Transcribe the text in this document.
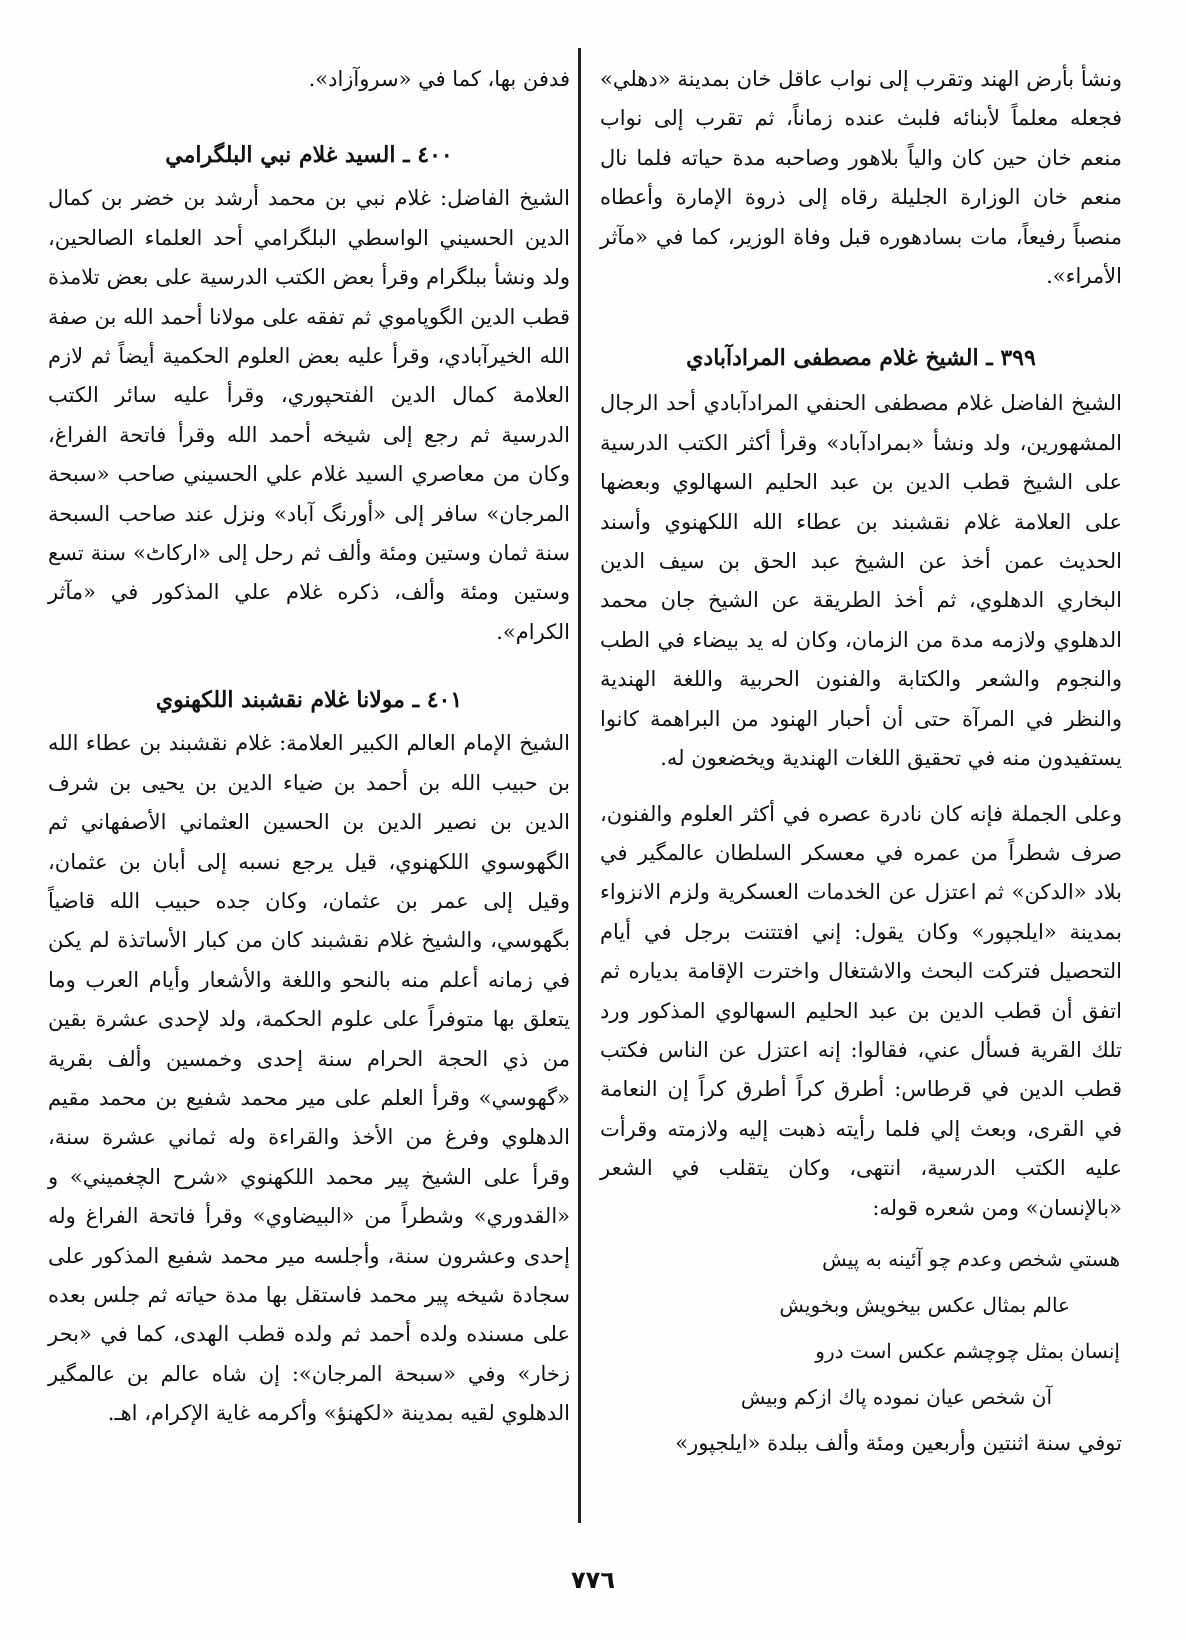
ونشأ بأرض الهند وتقرب إلى نواب عاقل خان بمدينة «دهلي» فجعله معلماً لأبنائه فلبث عنده زماناً، ثم تقرب إلى نواب منعم خان حين كان والياً بلاهور وصاحبه مدة حياته فلما نال منعم خان الوزارة الجليلة رقاه إلى ذروة الإمارة وأعطاه منصباً رفيعاً، مات بسادهوره قبل وفاة الوزير، كما في «مآثر الأمراء».

٣٩٩ ـ الشيخ غلام مصطفى المرادآبادي

الشيخ الفاضل غلام مصطفى الحنفي المرادآبادي أحد الرجال المشهورين، ولد ونشأ «بمرادآباد» وقرأ أكثر الكتب الدرسية على الشيخ قطب الدين بن عبد الحليم السهالوي وبعضها على العلامة غلام نقشبند بن عطاء الله اللكهنوي وأسند الحديث عمن أخذ عن الشيخ عبد الحق بن سيف الدين البخاري الدهلوي، ثم أخذ الطريقة عن الشيخ جان محمد الدهلوي ولازمه مدة من الزمان، وكان له يد بيضاء في الطب والنجوم والشعر والكتابة والفنون الحربية واللغة الهندية والنظر في المرآة حتى أن أحبار الهنود من البراهمة كانوا يستفيدون منه في تحقيق اللغات الهندية ويخضعون له.

وعلى الجملة فإنه كان نادرة عصره في أكثر العلوم والفنون، صرف شطراً من عمره في معسكر السلطان عالمگير في بلاد «الدكن» ثم اعتزل عن الخدمات العسكرية ولزم الانزواء بمدينة «ايلجپور» وكان يقول: إني افتتنت برجل في أيام التحصيل فتركت البحث والاشتغال واخترت الإقامة بدياره ثم اتفق أن قطب الدين بن عبد الحليم السهالوي المذكور ورد تلك القرية فسأل عني، فقالوا: إنه اعتزل عن الناس فكتب قطب الدين في قرطاس: أطرق كراً أطرق كراً إن النعامة في القرى، وبعث إلي فلما رأيته ذهبت إليه ولازمته وقرأت عليه الكتب الدرسية، انتهى، وكان يتقلب في الشعر «بالإنسان» ومن شعره قوله:

هستي شخص وعدم چو آئينه به پيش

عالم بمثال عكس بيخويش وبخويش

إنسان بمثل چوچشم عكس است درو

آن شخص عيان نموده پاك ازكم وبيش

توفي سنة اثنتين وأربعين ومئة وألف ببلدة «ايلجپور»

فدفن بها، كما في «سروآزاد».

٤٠٠ ـ السيد غلام نبي البلگرامي

الشيخ الفاضل: غلام نبي بن محمد أرشد بن خضر بن كمال الدين الحسيني الواسطي البلگرامي أحد العلماء الصالحين، ولد ونشأ ببلگرام وقرأ بعض الكتب الدرسية على بعض تلامذة قطب الدين الگوپاموي ثم تفقه على مولانا أحمد الله بن صفة الله الخيرآبادي، وقرأ عليه بعض العلوم الحكمية أيضاً ثم لازم العلامة كمال الدين الفتحپوري، وقرأ عليه سائر الكتب الدرسية ثم رجع إلى شيخه أحمد الله وقرأ فاتحة الفراغ، وكان من معاصري السيد غلام علي الحسيني صاحب «سبحة المرجان» سافر إلى «أورنگ آباد» ونزل عند صاحب السبحة سنة ثمان وستين ومئة وألف ثم رحل إلى «اركاٹ» سنة تسع وستين ومئة وألف، ذكره غلام علي المذكور في «مآثر الكرام».

٤٠١ ـ مولانا غلام نقشبند اللكهنوي

الشيخ الإمام العالم الكبير العلامة: غلام نقشبند بن عطاء الله بن حبيب الله بن أحمد بن ضياء الدين بن يحيى بن شرف الدين بن نصير الدين بن الحسين العثماني الأصفهاني ثم الگهوسوي اللكهنوي، قيل يرجع نسبه إلى أبان بن عثمان، وقيل إلى عمر بن عثمان، وكان جده حبيب الله قاضياً بگهوسي، والشيخ غلام نقشبند كان من كبار الأساتذة لم يكن في زمانه أعلم منه بالنحو واللغة والأشعار وأيام العرب وما يتعلق بها متوفراً على علوم الحكمة، ولد لإحدى عشرة بقين من ذي الحجة الحرام سنة إحدى وخمسين وألف بقرية «گهوسي» وقرأ العلم على مير محمد شفيع بن محمد مقيم الدهلوي وفرغ من الأخذ والقراءة وله ثماني عشرة سنة، وقرأ على الشيخ پير محمد اللكهنوي «شرح الچغميني» و «القدوري» وشطراً من «البيضاوي» وقرأ فاتحة الفراغ وله إحدى وعشرون سنة، وأجلسه مير محمد شفيع المذكور على سجادة شيخه پير محمد فاستقل بها مدة حياته ثم جلس بعده على مسنده ولده أحمد ثم ولده قطب الهدى، كما في «بحر زخار» وفي «سبحة المرجان»: إن شاه عالم بن عالمگير الدهلوي لقيه بمدينة «لكهنؤ» وأكرمه غاية الإكرام، اهـ.

٧٧٦
